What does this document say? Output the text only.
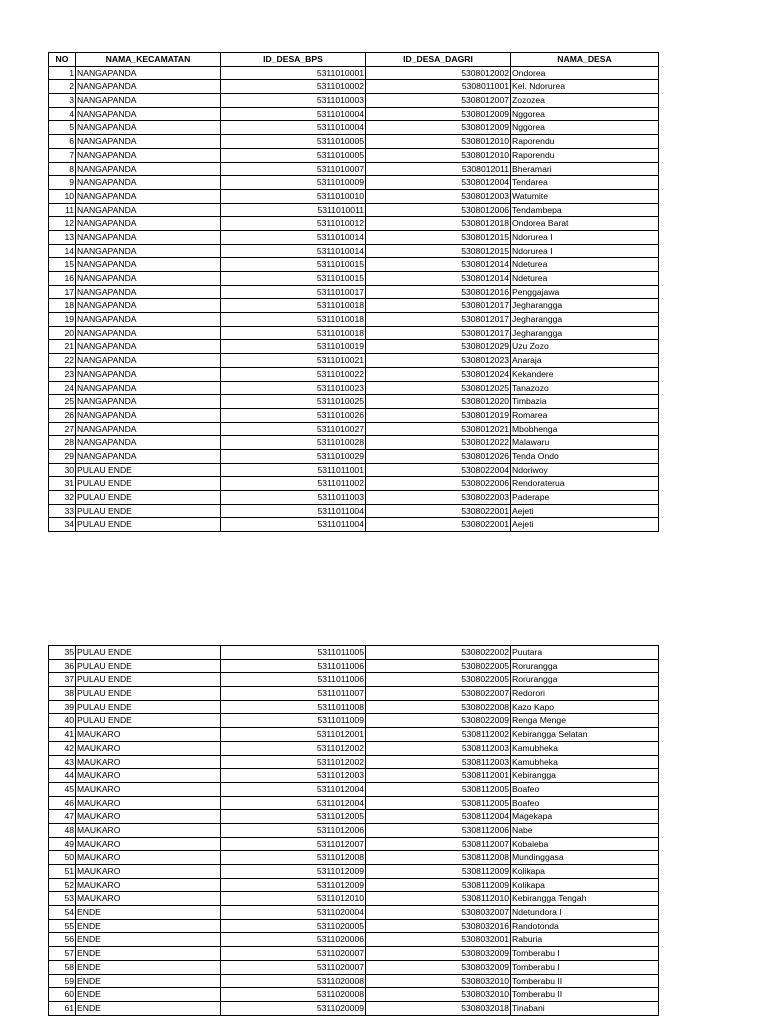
NO	NAMA_KECAMATAN	ID_DESA_BPS	ID_DESA_DAGRI	NAMA_DESA
1	NANGAPANDA	5311010001	5308012002	Ondorea
2	NANGAPANDA	5311010002	5308011001	Kel. Ndorurea
3	NANGAPANDA	5311010003	5308012007	Zozozea
4	NANGAPANDA	5311010004	5308012009	Nggorea
5	NANGAPANDA	5311010004	5308012009	Nggorea
6	NANGAPANDA	5311010005	5308012010	Raporendu
7	NANGAPANDA	5311010005	5308012010	Raporendu
8	NANGAPANDA	5311010007	5308012011	Bheramari
9	NANGAPANDA	5311010009	5308012004	Tendarea
10	NANGAPANDA	5311010010	5308012003	Watumite
11	NANGAPANDA	5311010011	5308012006	Tendambepa
12	NANGAPANDA	5311010012	5308012018	Ondorea Barat
13	NANGAPANDA	5311010014	5308012015	Ndorurea I
14	NANGAPANDA	5311010014	5308012015	Ndorurea I
15	NANGAPANDA	5311010015	5308012014	Ndeturea
16	NANGAPANDA	5311010015	5308012014	Ndeturea
17	NANGAPANDA	5311010017	5308012016	Penggajawa
18	NANGAPANDA	5311010018	5308012017	Jegharangga
19	NANGAPANDA	5311010018	5308012017	Jegharangga
20	NANGAPANDA	5311010018	5308012017	Jegharangga
21	NANGAPANDA	5311010019	5308012029	Uzu Zozo
22	NANGAPANDA	5311010021	5308012023	Anaraja
23	NANGAPANDA	5311010022	5308012024	Kekandere
24	NANGAPANDA	5311010023	5308012025	Tanazozo
25	NANGAPANDA	5311010025	5308012020	Timbazia
26	NANGAPANDA	5311010026	5308012019	Romarea
27	NANGAPANDA	5311010027	5308012021	Mbobhenga
28	NANGAPANDA	5311010028	5308012022	Malawaru
29	NANGAPANDA	5311010029	5308012026	Tenda Ondo
30	PULAU ENDE	5311011001	5308022004	Ndoriwoy
31	PULAU ENDE	5311011002	5308022006	Rendoraterua
32	PULAU ENDE	5311011003	5308022003	Paderape
33	PULAU ENDE	5311011004	5308022001	Aejeti
34	PULAU ENDE	5311011004	5308022001	Aejeti
35	PULAU ENDE	5311011005	5308022002	Puutara
36	PULAU ENDE	5311011006	5308022005	Rorurangga
37	PULAU ENDE	5311011006	5308022005	Rorurangga
38	PULAU ENDE	5311011007	5308022007	Redorori
39	PULAU ENDE	5311011008	5308022008	Kazo Kapo
40	PULAU ENDE	5311011009	5308022009	Renga Menge
41	MAUKARO	5311012001	5308112002	Kebirangga Selatan
42	MAUKARO	5311012002	5308112003	Kamubheka
43	MAUKARO	5311012002	5308112003	Kamubheka
44	MAUKARO	5311012003	5308112001	Kebirangga
45	MAUKARO	5311012004	5308112005	Boafeo
46	MAUKARO	5311012004	5308112005	Boafeo
47	MAUKARO	5311012005	5308112004	Magekapa
48	MAUKARO	5311012006	5308112006	Nabe
49	MAUKARO	5311012007	5308112007	Kobaleba
50	MAUKARO	5311012008	5308112008	Mundinggasa
51	MAUKARO	5311012009	5308112009	Kolikapa
52	MAUKARO	5311012009	5308112009	Kolikapa
53	MAUKARO	5311012010	5308112010	Kebirangga Tengah
54	ENDE	5311020004	5308032007	Ndetundora I
55	ENDE	5311020005	5308032016	Randotonda
56	ENDE	5311020006	5308032001	Raburia
57	ENDE	5311020007	5308032009	Tomberabu I
58	ENDE	5311020007	5308032009	Tomberabu I
59	ENDE	5311020008	5308032010	Tomberabu II
60	ENDE	5311020008	5308032010	Tomberabu II
61	ENDE	5311020009	5308032018	Tinabani
